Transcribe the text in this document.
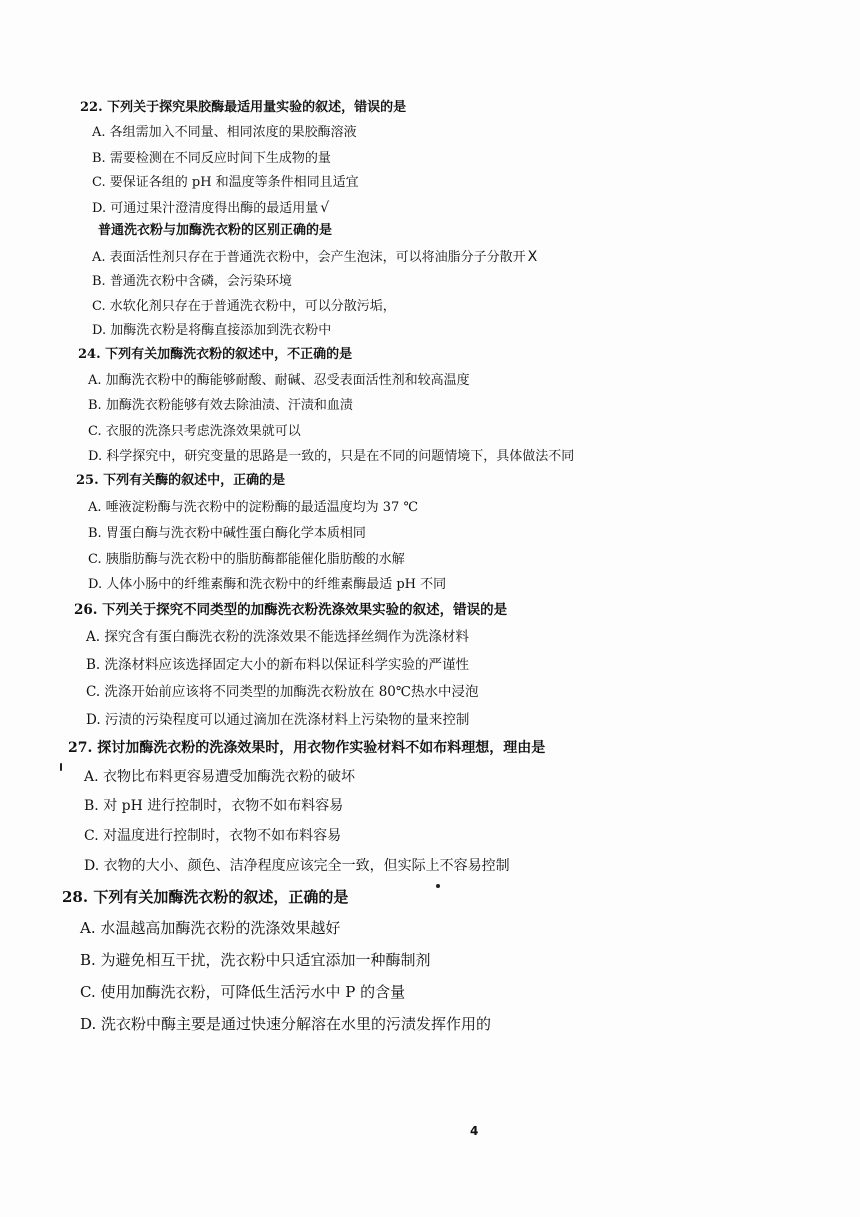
22. 下列关于探究果胶酶最适用量实验的叙述，错误的是
A. 各组需加入不同量、相同浓度的果胶酶溶液
B. 需要检测在不同反应时间下生成物的量
C. 要保证各组的 pH 和温度等条件相同且适宜
D. 可通过果汁澄清度得出酶的最适用量 √
普通洗衣粉与加酶洗衣粉的区别正确的是
A. 表面活性剂只存在于普通洗衣粉中，会产生泡沫，可以将油脂分子分散开 X
B. 普通洗衣粉中含磷，会污染环境
C. 水软化剂只存在于普通洗衣粉中，可以分散污垢，
D. 加酶洗衣粉是将酶直接添加到洗衣粉中
24. 下列有关加酶洗衣粉的叙述中，不正确的是
A. 加酶洗衣粉中的酶能够耐酸、耐碱、忍受表面活性剂和较高温度
B. 加酶洗衣粉能够有效去除油渍、汗渍和血渍
C. 衣服的洗涤只考虑洗涤效果就可以
D. 科学探究中，研究变量的思路是一致的，只是在不同的问题情境下，具体做法不同
25. 下列有关酶的叙述中，正确的是
A. 唾液淀粉酶与洗衣粉中的淀粉酶的最适温度均为 37 ℃
B. 胃蛋白酶与洗衣粉中碱性蛋白酶化学本质相同
C. 胰脂肪酶与洗衣粉中的脂肪酶都能催化脂肪酸的水解
D. 人体小肠中的纤维素酶和洗衣粉中的纤维素酶最适 pH 不同
26. 下列关于探究不同类型的加酶洗衣粉洗涤效果实验的叙述，错误的是
A. 探究含有蛋白酶洗衣粉的洗涤效果不能选择丝绸作为洗涤材料
B. 洗涤材料应该选择固定大小的新布料以保证科学实验的严谨性
C. 洗涤开始前应该将不同类型的加酶洗衣粉放在 80℃热水中浸泡
D. 污渍的污染程度可以通过滴加在洗涤材料上污染物的量来控制
27. 探讨加酶洗衣粉的洗涤效果时，用衣物作实验材料不如布料理想，理由是
A. 衣物比布料更容易遭受加酶洗衣粉的破坏
B. 对 pH 进行控制时，衣物不如布料容易
C. 对温度进行控制时，衣物不如布料容易
D. 衣物的大小、颜色、洁净程度应该完全一致，但实际上不容易控制
28. 下列有关加酶洗衣粉的叙述，正确的是
A. 水温越高加酶洗衣粉的洗涤效果越好
B. 为避免相互干扰，洗衣粉中只适宜添加一种酶制剂
C. 使用加酶洗衣粉，可降低生活污水中 P 的含量
D. 洗衣粉中酶主要是通过快速分解溶在水里的污渍发挥作用的
4
